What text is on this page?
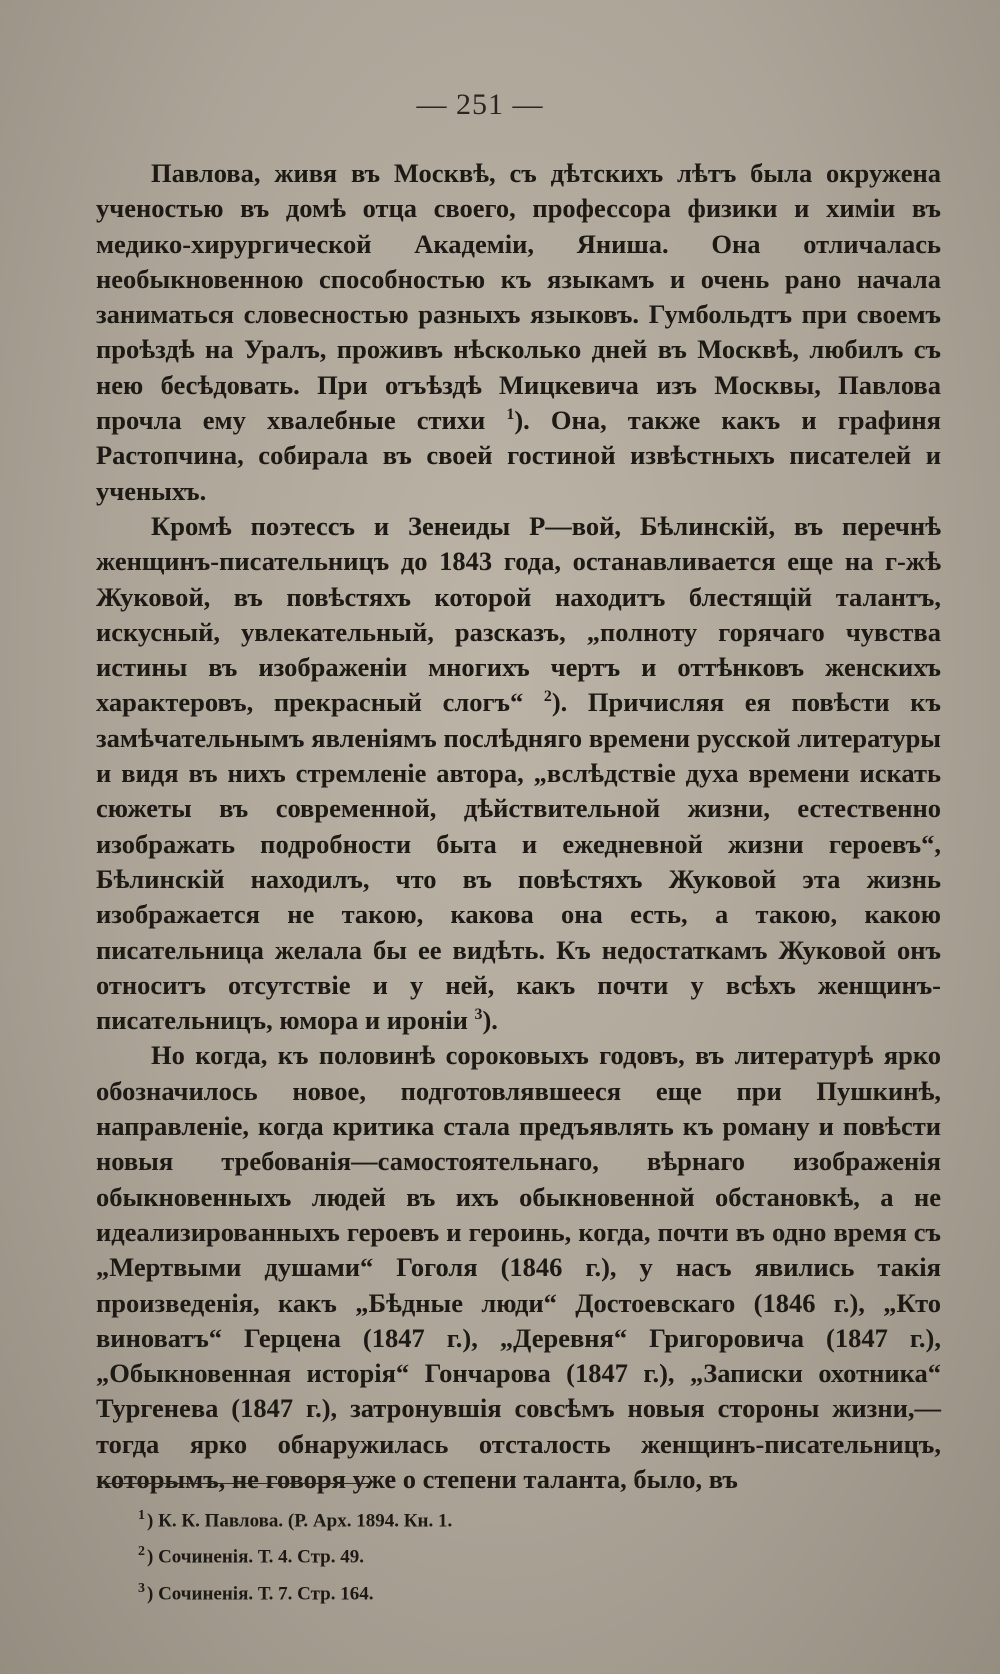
— 251 —

Павлова, живя въ Москвѣ, съ дѣтскихъ лѣтъ была окружена ученостью въ домѣ отца своего, профессора физики и химіи въ медико-хирургической Академіи, Янишa. Она отличалась необыкновенною способностью къ языкамъ и очень рано начала заниматься словесностью разныхъ языковъ. Гумбольдтъ при своемъ проѣздѣ на Уралъ, проживъ нѣсколько дней въ Москвѣ, любилъ съ нею бесѣдовать. При отъѣздѣ Мицкевича изъ Москвы, Павлова прочла ему хвалебные стихи $^1$). Она, также какъ и графиня Растопчина, собирала въ своей гостиной извѣстныхъ писателей и ученыхъ.

Кромѣ поэтессъ и Зенеиды Р—вой, Бѣлинскій, въ перечнѣ женщинъ-писательницъ до 1843 года, останавливается еще на г-жѣ Жуковой, въ повѣстяхъ которой находитъ блестящій талантъ, искусный, увлекательный, разсказъ, „полноту горячаго чувства истины въ изображеніи многихъ чертъ и оттѣнковъ женскихъ характеровъ, прекрасный слогъ“ $^2$). Причисляя ея повѣсти къ замѣчательнымъ явленіямъ послѣдняго времени русской литературы и видя въ нихъ стремленіе автора, „вслѣдствіе духа времени искать сюжеты въ современной, дѣйствительной жизни, естественно изображать подробности быта и ежедневной жизни героевъ“, Бѣлинскій находилъ, что въ повѣстяхъ Жуковой эта жизнь изображается не такою, какова она есть, а такою, какою писательница желала бы ее видѣть. Къ недостаткамъ Жуковой онъ относитъ отсутствіе и у ней, какъ почти у всѣхъ женщинъ-писательницъ, юмора и ироніи $^3$).

Но когда, къ половинѣ сороковыхъ годовъ, въ литературѣ ярко обозначилось новое, подготовлявшееся еще при Пушкинѣ, направленіе, когда критика стала предъявлять къ роману и повѣсти новыя требованія—самостоятельнаго, вѣрнаго изображенія обыкновенныхъ людей въ ихъ обыкновенной обстановкѣ, а не идеализированныхъ героевъ и героинь, когда, почти въ одно время съ „Мертвыми душами“ Гоголя (1846 г.), у насъ явились такія произведенія, какъ „Бѣдные люди“ Достоевскаго (1846 г.), „Кто виноватъ“ Герцена (1847 г.), „Деревня“ Григоровича (1847 г.), „Обыкновенная исторія“ Гончарова (1847 г.), „Записки охотника“ Тургенева (1847 г.), затронувшія совсѣмъ новыя стороны жизни,—тогда ярко обнаружилась отсталость женщинъ-писательницъ, которымъ, не говоря уже о степени таланта, было, въ

$^1$ ) К. К. Павлова. (Р. Арх. 1894. Кн. 1.

$^2$ ) Сочиненія. Т. 4. Стр. 49.

$^3$ ) Сочиненія. Т. 7. Стр. 164.
